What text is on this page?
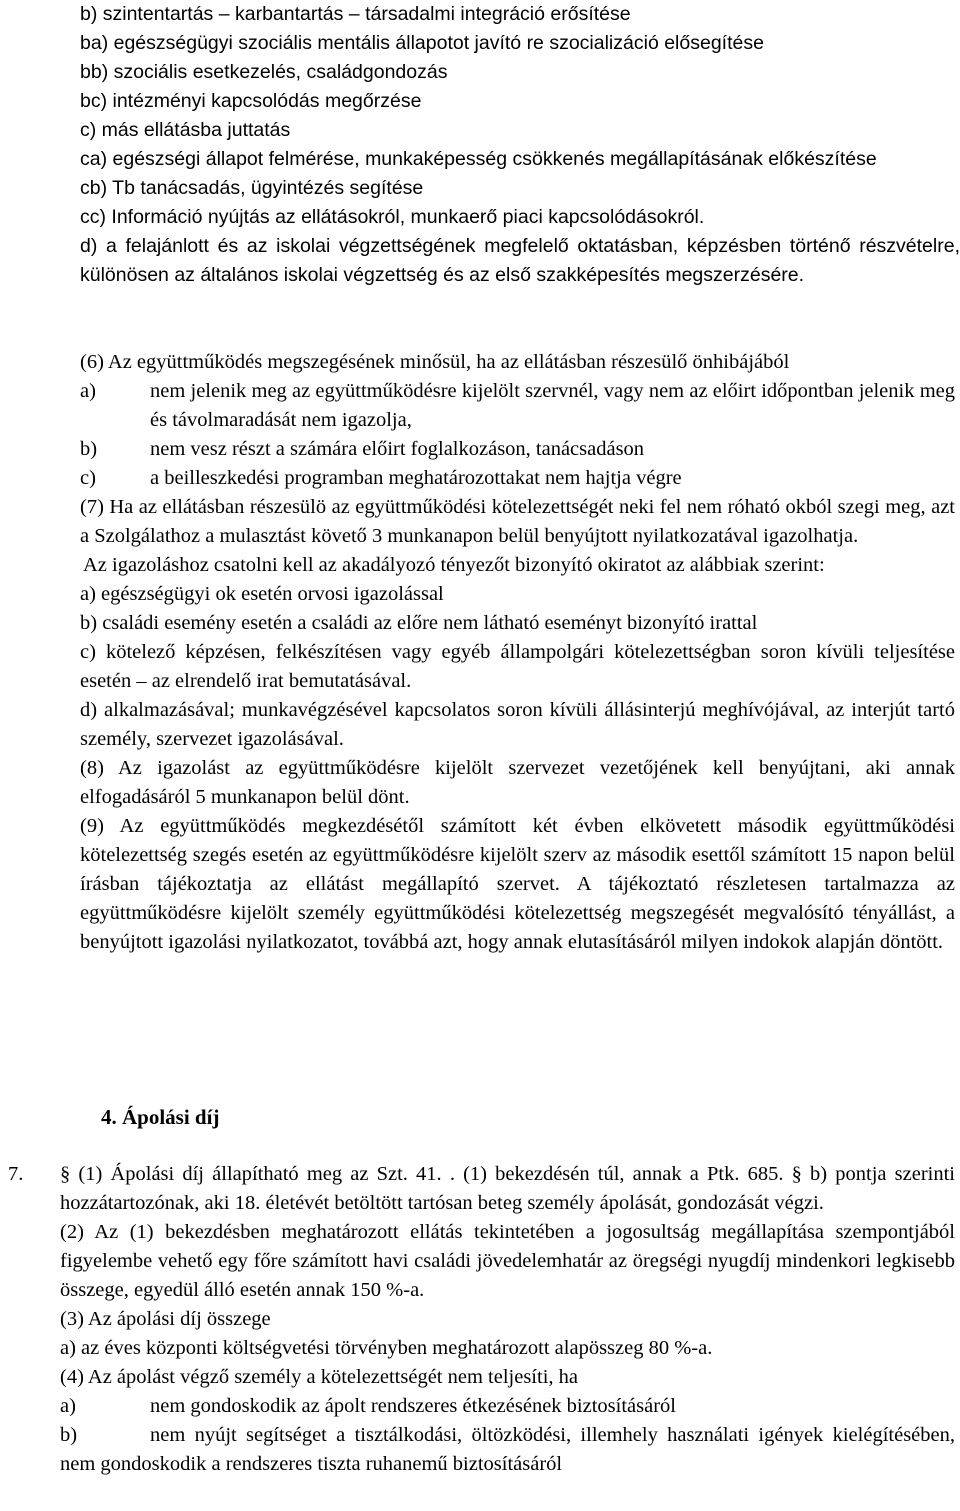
b) szintentartás – karbantartás – társadalmi integráció erősítése

ba) egészségügyi szociális mentális állapotot javító re szocializáció elősegítése

bb) szociális esetkezelés, családgondozás

bc) intézményi kapcsolódás megőrzése

c) más ellátásba juttatás

ca) egészségi állapot felmérése, munkaképesség csökkenés megállapításának előkészítése

cb) Tb tanácsadás, ügyintézés segítése

cc) Információ nyújtás az ellátásokról, munkaerő piaci kapcsolódásokról.

d) a felajánlott és az iskolai végzettségének megfelelő oktatásban, képzésben történő részvételre, különösen az általános iskolai végzettség és az első szakképesítés megszerzésére.

(6) Az együttműködés megszegésének minősül, ha az ellátásban részesülő önhibájából

a)	nem jelenik meg az együttműködésre kijelölt szervnél, vagy nem az előirt időpontban jelenik meg és távolmaradását nem igazolja,
b)	nem vesz részt a számára előirt foglalkozáson, tanácsadáson
c)	a beilleszkedési programban meghatározottakat nem hajtja végre

(7) Ha az ellátásban részesülö az együttműködési kötelezettségét neki fel nem róható okból szegi meg, azt a Szolgálathoz a mulasztást követő 3 munkanapon belül benyújtott nyilatkozatával igazolhatja.

Az igazoláshoz csatolni kell az akadályozó tényezőt bizonyító okiratot az alábbiak szerint:

a) egészségügyi ok esetén orvosi igazolással

b) családi esemény esetén a családi az előre nem látható eseményt bizonyító irattal

c) kötelező képzésen, felkészítésen vagy egyéb állampolgári kötelezettségban soron kívüli teljesítése esetén – az elrendelő irat bemutatásával.

d) alkalmazásával; munkavégzésével kapcsolatos soron kívüli állásinterjú meghívójával, az interjút tartó személy, szervezet igazolásával.

(8) Az igazolást az együttműködésre kijelölt szervezet vezetőjének kell benyújtani, aki annak elfogadásáról 5 munkanapon belül dönt.

(9) Az együttműködés megkezdésétől számított két évben elkövetett második együttműködési kötelezettség szegés esetén az együttműködésre kijelölt szerv az második esettől számított 15 napon belül írásban tájékoztatja az ellátást megállapító szervet. A tájékoztató részletesen tartalmazza az együttműködésre kijelölt személy együttműködési kötelezettség megszegését megvalósító tényállást, a benyújtott igazolási nyilatkozatot, továbbá azt, hogy annak elutasításáról milyen indokok alapján döntött.

4. Ápolási díj

7. § (1) Ápolási díj állapítható meg az Szt. 41. . (1) bekezdésén túl, annak a Ptk. 685. § b) pontja szerinti hozzátartozónak, aki 18. életévét betöltött tartósan beteg személy ápolását, gondozását végzi.

(2) Az (1) bekezdésben meghatározott ellátás tekintetében a jogosultság megállapítása szempontjából figyelembe vehető egy főre számított havi családi jövedelemhatár az öregségi nyugdíj mindenkori legkisebb összege, egyedül álló esetén annak 150 %-a.

(3) Az ápolási díj összege

a) az éves központi költségvetési törvényben meghatározott alapösszeg 80 %-a.

(4) Az ápolást végző személy a kötelezettségét nem teljesíti, ha

a)	nem gondoskodik az ápolt rendszeres étkezésének biztosításáról

b)	nem nyújt segítséget a tisztálkodási, öltözködési, illemhely használati igények kielégítésében, nem gondoskodik a rendszeres tiszta ruhanemű biztosításáról
